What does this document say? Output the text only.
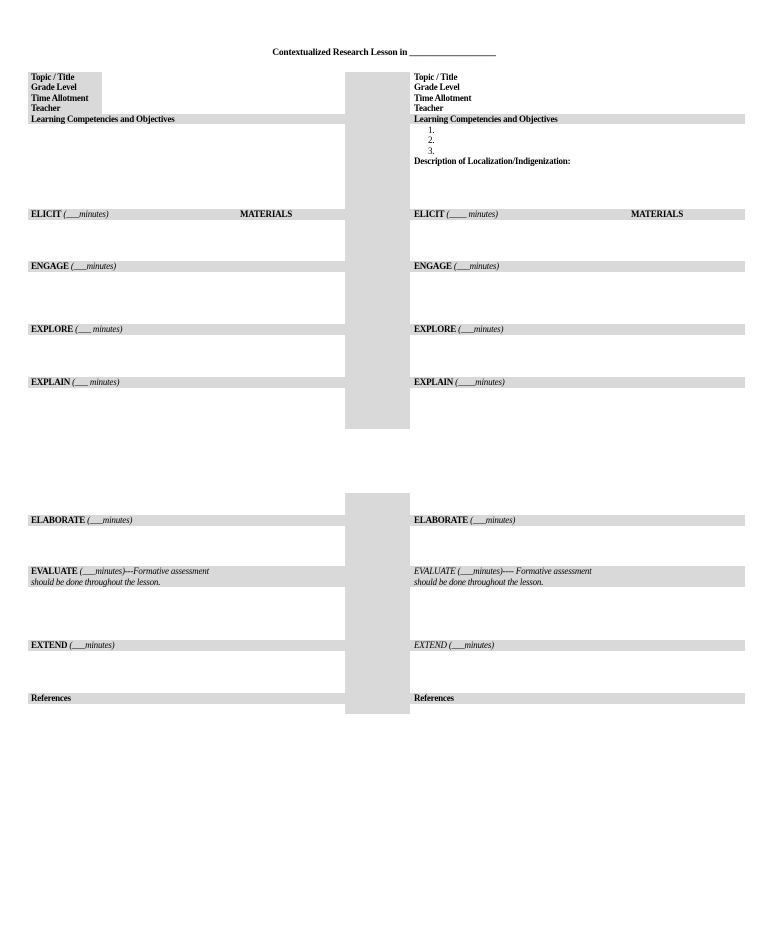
Contextualized Research Lesson in ___________________
Topic / Title
Grade Level
Time Allotment
Teacher
Learning Competencies and Objectives
ELICIT (___minutes)	MATERIALS
ENGAGE (___minutes)
EXPLORE (___ minutes)
EXPLAIN (___ minutes)
ELABORATE (___minutes)
EVALUATE (___minutes)---Formative assessment
should be done throughout the lesson.
EXTEND (___minutes)
References
Topic / Title
Grade Level
Time Allotment
Teacher
Learning Competencies and Objectives
1.
2.
3.
Description of Localization/Indigenization:
ELICIT (____ minutes)	MATERIALS
ENGAGE (___minutes)
EXPLORE (___minutes)
EXPLAIN (____minutes)
ELABORATE (___minutes)
EVALUATE (___minutes)---- Formative assessment
should be done throughout the lesson.
EXTEND (___minutes)
References
